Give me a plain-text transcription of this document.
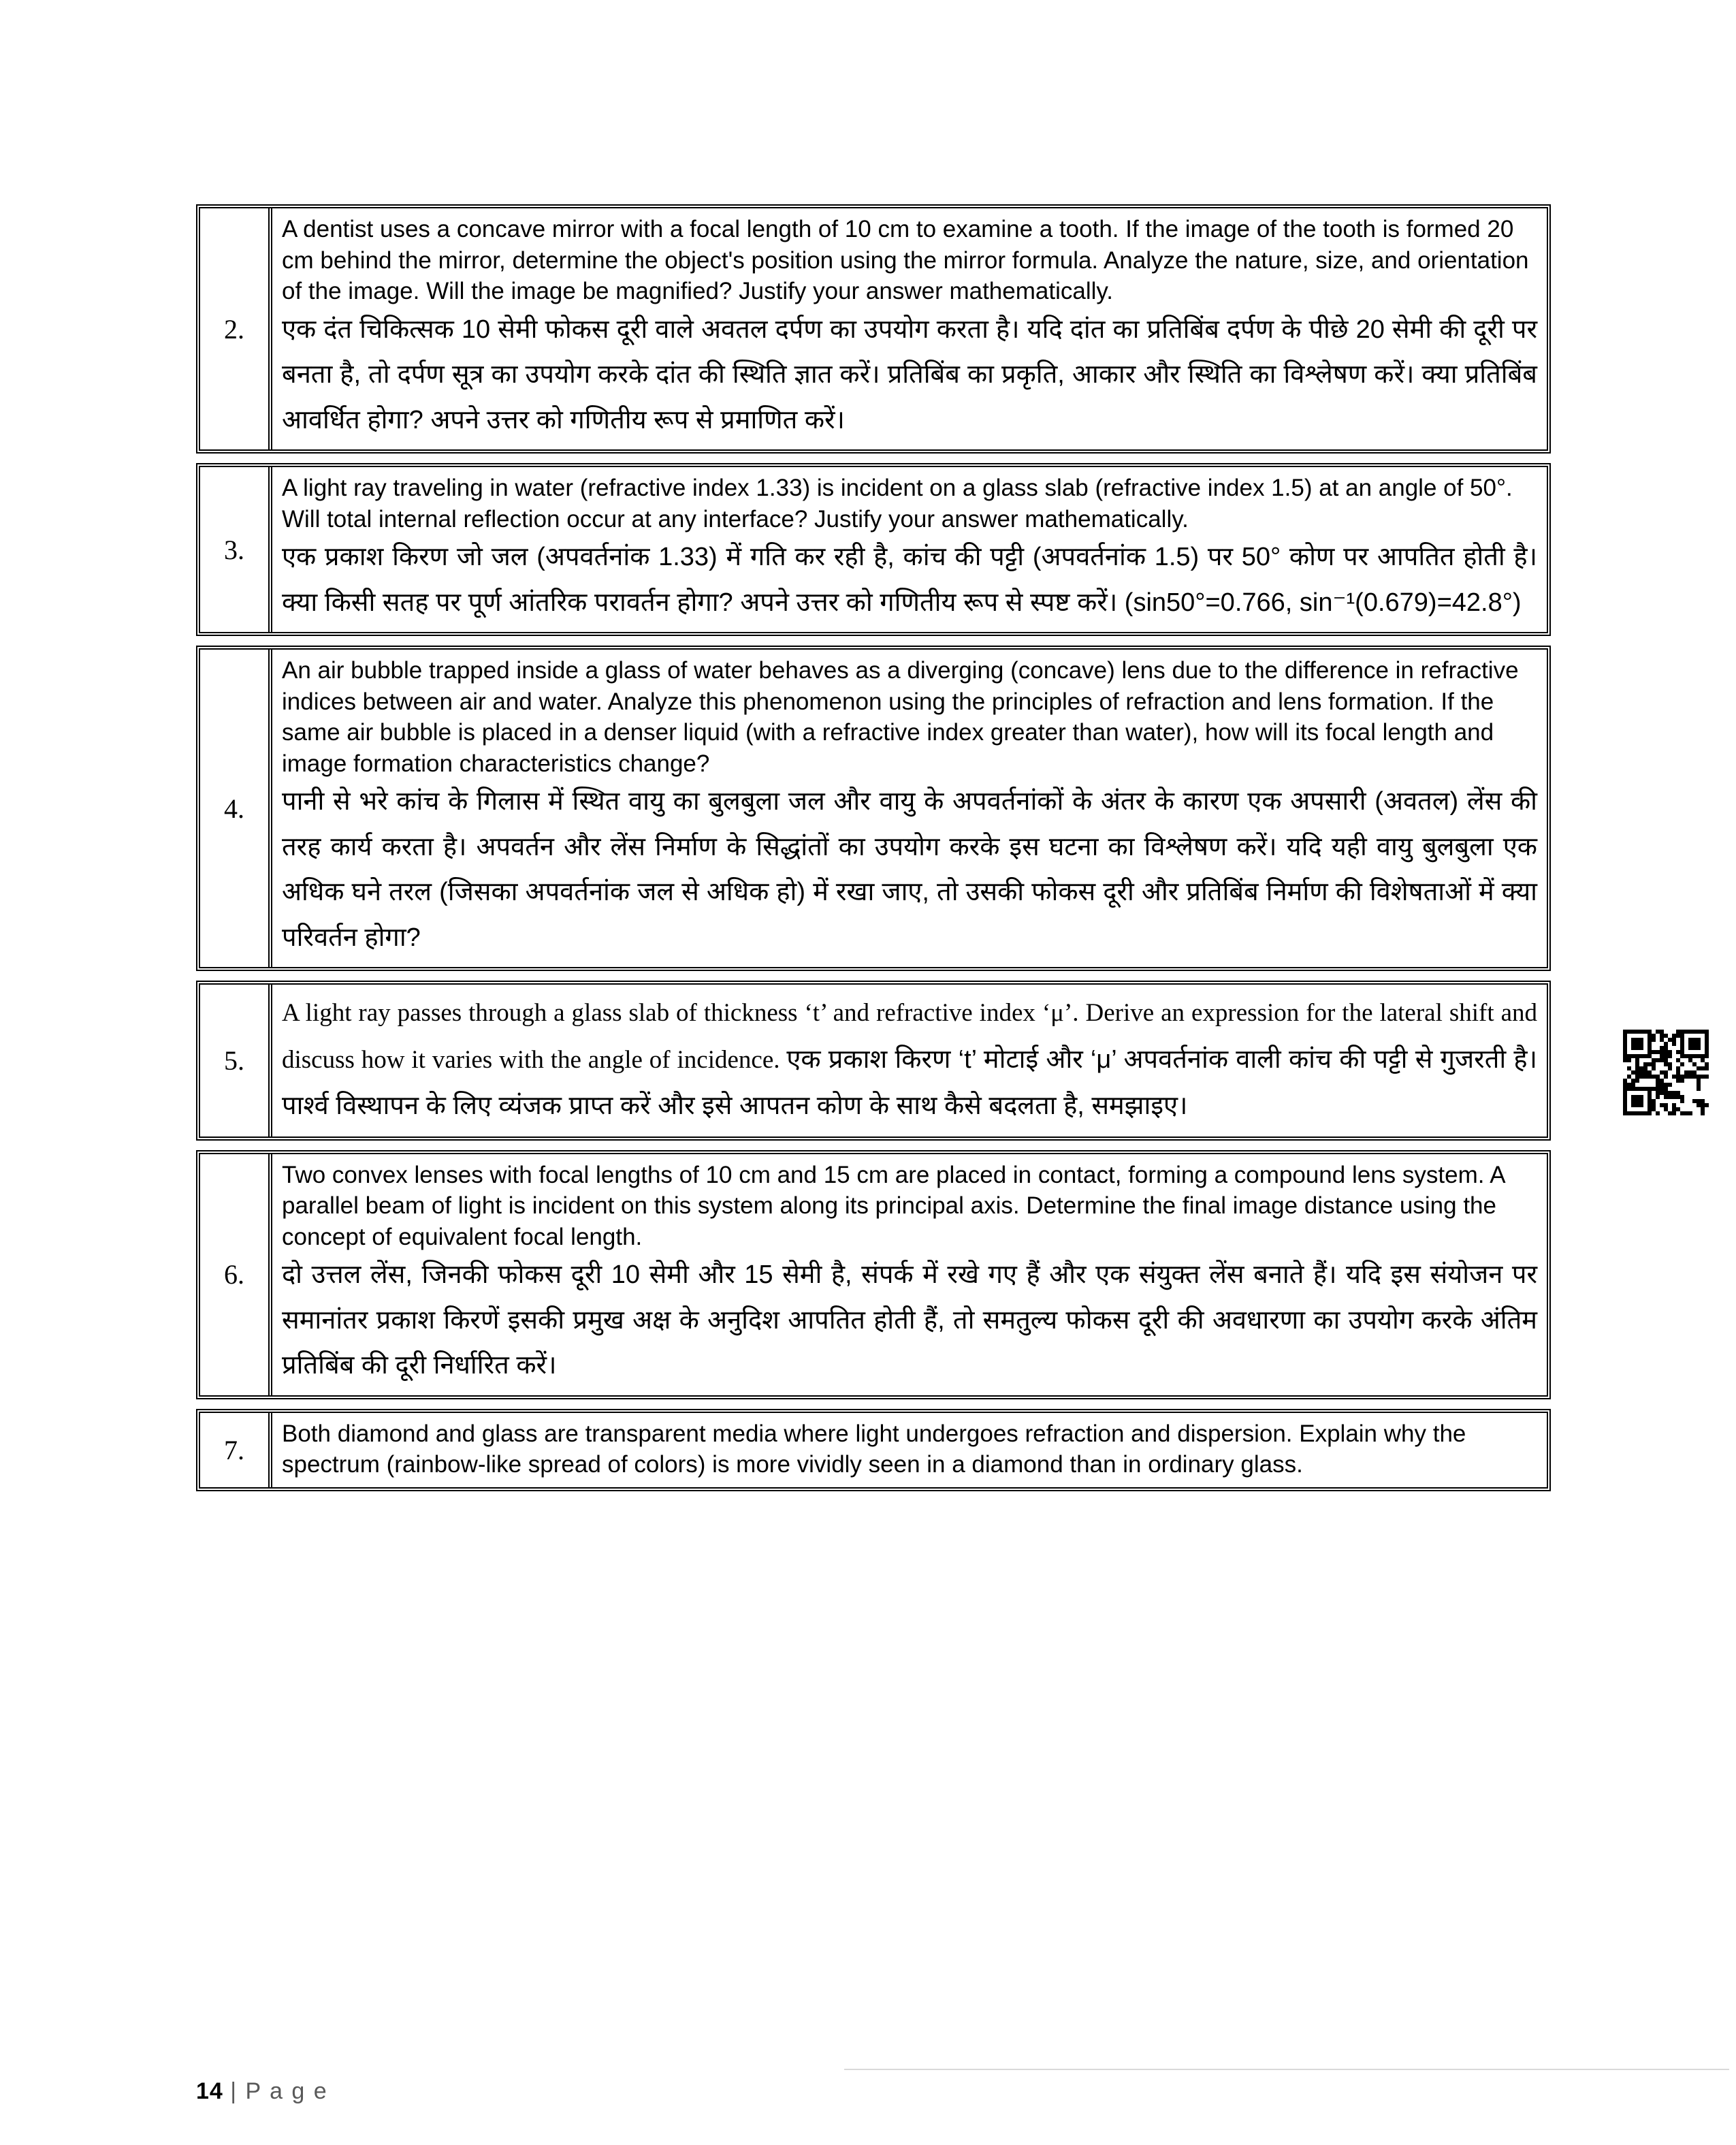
2.
A dentist uses a concave mirror with a focal length of 10 cm to examine a tooth. If the image of the tooth is formed 20 cm behind the mirror, determine the object's position using the mirror formula. Analyze the nature, size, and orientation of the image. Will the image be magnified? Justify your answer mathematically.
एक दंत चिकित्सक 10 सेमी फोकस दूरी वाले अवतल दर्पण का उपयोग करता है। यदि दांत का प्रतिबिंब दर्पण के पीछे 20 सेमी की दूरी पर बनता है, तो दर्पण सूत्र का उपयोग करके दांत की स्थिति ज्ञात करें। प्रतिबिंब का प्रकृति, आकार और स्थिति का विश्लेषण करें। क्या प्रतिबिंब आवर्धित होगा? अपने उत्तर को गणितीय रूप से प्रमाणित करें।
3.
A light ray traveling in water (refractive index 1.33) is incident on a glass slab (refractive index 1.5) at an angle of 50°. Will total internal reflection occur at any interface? Justify your answer mathematically.
एक प्रकाश किरण जो जल (अपवर्तनांक 1.33) में गति कर रही है, कांच की पट्टी (अपवर्तनांक 1.5) पर 50° कोण पर आपतित होती है। क्या किसी सतह पर पूर्ण आंतरिक परावर्तन होगा? अपने उत्तर को गणितीय रूप से स्पष्ट करें। (sin50°=0.766, sin⁻¹(0.679)=42.8°)
4.
An air bubble trapped inside a glass of water behaves as a diverging (concave) lens due to the difference in refractive indices between air and water. Analyze this phenomenon using the principles of refraction and lens formation. If the same air bubble is placed in a denser liquid (with a refractive index greater than water), how will its focal length and image formation characteristics change?
पानी से भरे कांच के गिलास में स्थित वायु का बुलबुला जल और वायु के अपवर्तनांकों के अंतर के कारण एक अपसारी (अवतल) लेंस की तरह कार्य करता है। अपवर्तन और लेंस निर्माण के सिद्धांतों का उपयोग करके इस घटना का विश्लेषण करें। यदि यही वायु बुलबुला एक अधिक घने तरल (जिसका अपवर्तनांक जल से अधिक हो) में रखा जाए, तो उसकी फोकस दूरी और प्रतिबिंब निर्माण की विशेषताओं में क्या परिवर्तन होगा?
5.
A light ray passes through a glass slab of thickness ‘t’ and refractive index ‘μ’. Derive an expression for the lateral shift and discuss how it varies with the angle of incidence. एक प्रकाश किरण ‘t’ मोटाई और ‘μ’ अपवर्तनांक वाली कांच की पट्टी से गुजरती है। पार्श्व विस्थापन के लिए व्यंजक प्राप्त करें और इसे आपतन कोण के साथ कैसे बदलता है, समझाइए।
6.
Two convex lenses with focal lengths of 10 cm and 15 cm are placed in contact, forming a compound lens system. A parallel beam of light is incident on this system along its principal axis. Determine the final image distance using the concept of equivalent focal length.
दो उत्तल लेंस, जिनकी फोकस दूरी 10 सेमी और 15 सेमी है, संपर्क में रखे गए हैं और एक संयुक्त लेंस बनाते हैं। यदि इस संयोजन पर समानांतर प्रकाश किरणें इसकी प्रमुख अक्ष के अनुदिश आपतित होती हैं, तो समतुल्य फोकस दूरी की अवधारणा का उपयोग करके अंतिम प्रतिबिंब की दूरी निर्धारित करें।
7.
Both diamond and glass are transparent media where light undergoes refraction and dispersion. Explain why the spectrum (rainbow-like spread of colors) is more vividly seen in a diamond than in ordinary glass.
14 | P a g e
